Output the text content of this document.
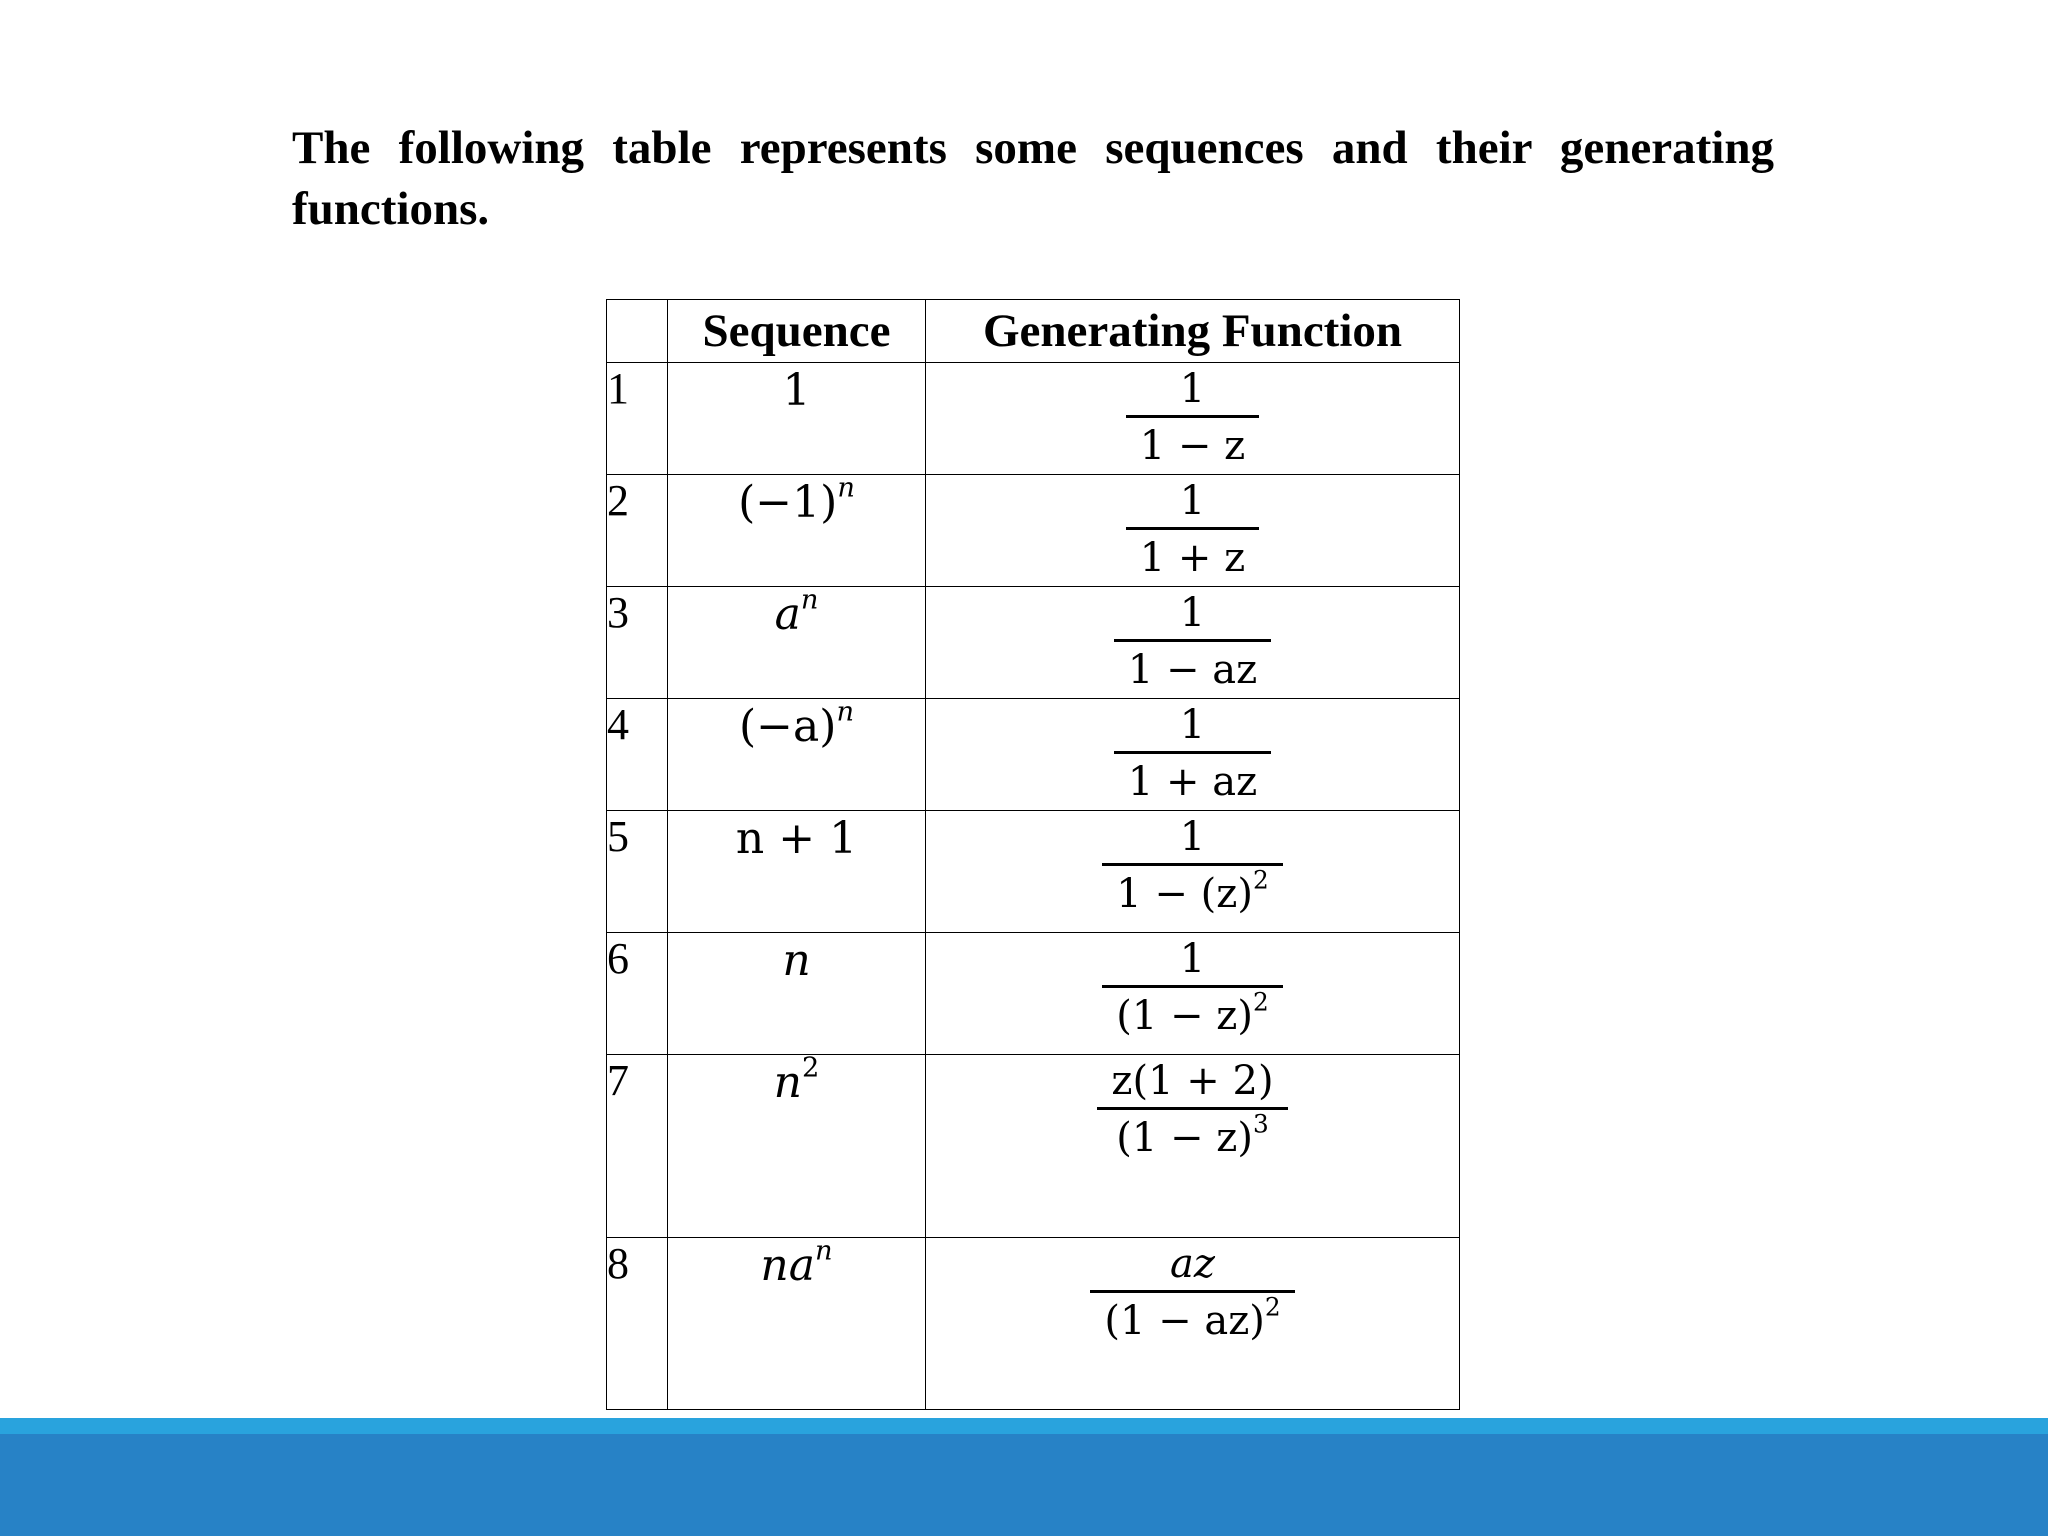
The following table represents some sequences and their generating functions.

	Sequence	Generating Function
1	1	$\frac{1}{1 - z}$

2	$(-1)^n$	$\frac{1}{1 + z}$

3	$a^n$	$\frac{1}{1 - az}$

4	$(-a)^n$	$\frac{1}{1 + az}$

5	n + 1	$\frac{1}{1 - (z)^2}$

6	n	$\frac{1}{(1 - z)^2}$

7	$n^2$	$\frac{z(1 + 2)}{(1 - z)^3}$

8	$na^n$	$\frac{az}{(1 - az)^2}$
